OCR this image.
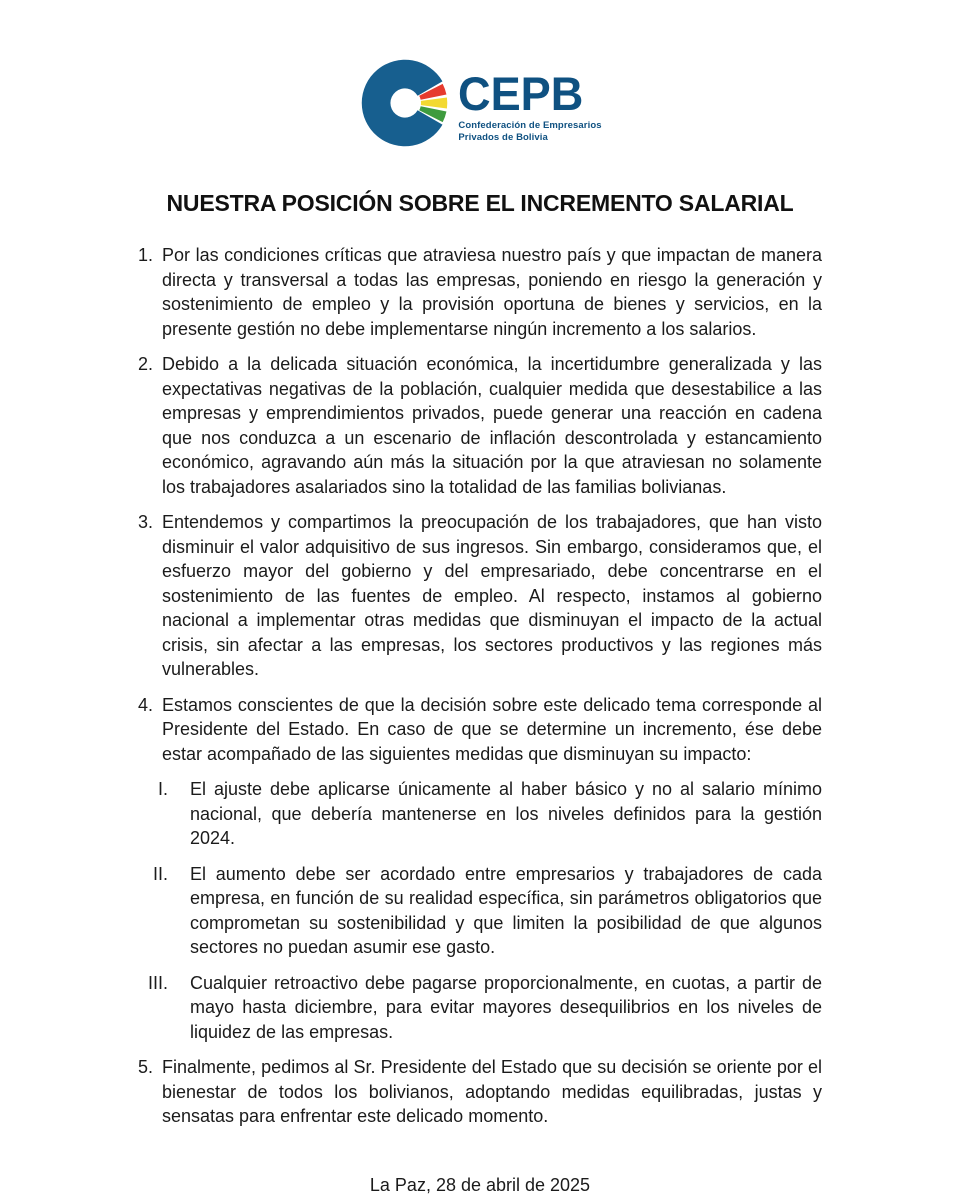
CEPB
Confederación de Empresarios
Privados de Bolivia
NUESTRA POSICIÓN SOBRE EL INCREMENTO SALARIAL
1. Por las condiciones críticas que atraviesa nuestro país y que impactan de manera directa y transversal a todas las empresas, poniendo en riesgo la generación y sostenimiento de empleo y la provisión oportuna de bienes y servicios, en la presente gestión no debe implementarse ningún incremento a los salarios.
2. Debido a la delicada situación económica, la incertidumbre generalizada y las expectativas negativas de la población, cualquier medida que desestabilice a las empresas y emprendimientos privados, puede generar una reacción en cadena que nos conduzca a un escenario de inflación descontrolada y estancamiento económico, agravando aún más la situación por la que atraviesan no solamente los trabajadores asalariados sino la totalidad de las familias bolivianas.
3. Entendemos y compartimos la preocupación de los trabajadores, que han visto disminuir el valor adquisitivo de sus ingresos. Sin embargo, consideramos que, el esfuerzo mayor del gobierno y del empresariado, debe concentrarse en el sostenimiento de las fuentes de empleo. Al respecto, instamos al gobierno nacional a implementar otras medidas que disminuyan el impacto de la actual crisis, sin afectar a las empresas, los sectores productivos y las regiones más vulnerables.
4. Estamos conscientes de que la decisión sobre este delicado tema corresponde al Presidente del Estado. En caso de que se determine un incremento, ése debe estar acompañado de las siguientes medidas que disminuyan su impacto:
I. El ajuste debe aplicarse únicamente al haber básico y no al salario mínimo nacional, que debería mantenerse en los niveles definidos para la gestión 2024.
II. El aumento debe ser acordado entre empresarios y trabajadores de cada empresa, en función de su realidad específica, sin parámetros obligatorios que comprometan su sostenibilidad y que limiten la posibilidad de que algunos sectores no puedan asumir ese gasto.
III. Cualquier retroactivo debe pagarse proporcionalmente, en cuotas, a partir de mayo hasta diciembre, para evitar mayores desequilibrios en los niveles de liquidez de las empresas.
5. Finalmente, pedimos al Sr. Presidente del Estado que su decisión se oriente por el bienestar de todos los bolivianos, adoptando medidas equilibradas, justas y sensatas para enfrentar este delicado momento.
La Paz, 28 de abril de 2025
